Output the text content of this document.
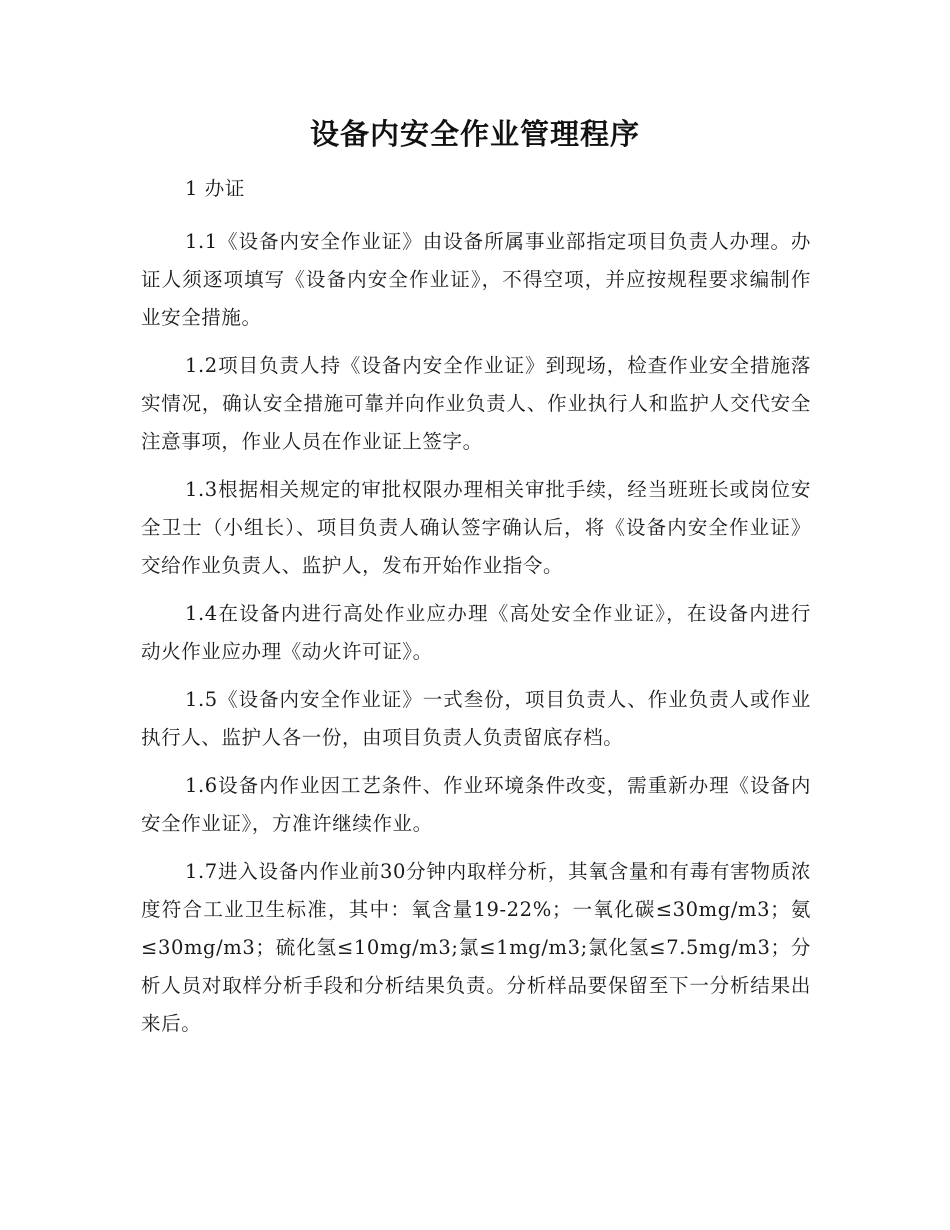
设备内安全作业管理程序

1 办证

1.1《设备内安全作业证》由设备所属事业部指定项目负责人办理。办证人须逐项填写《设备内安全作业证》，不得空项，并应按规程要求编制作业安全措施。

1.2项目负责人持《设备内安全作业证》到现场，检查作业安全措施落实情况，确认安全措施可靠并向作业负责人、作业执行人和监护人交代安全注意事项，作业人员在作业证上签字。

1.3根据相关规定的审批权限办理相关审批手续，经当班班长或岗位安全卫士（小组长）、项目负责人确认签字确认后，将《设备内安全作业证》交给作业负责人、监护人，发布开始作业指令。

1.4在设备内进行高处作业应办理《高处安全作业证》，在设备内进行动火作业应办理《动火许可证》。

1.5《设备内安全作业证》一式叁份，项目负责人、作业负责人或作业执行人、监护人各一份，由项目负责人负责留底存档。

1.6设备内作业因工艺条件、作业环境条件改变，需重新办理《设备内安全作业证》，方准许继续作业。

1.7进入设备内作业前30分钟内取样分析，其氧含量和有毒有害物质浓度符合工业卫生标准，其中：氧含量19-22%；一氧化碳≤30mg/m3；氨≤30mg/m3；硫化氢≤10mg/m3;氯≤1mg/m3;氯化氢≤7.5mg/m3；分析人员对取样分析手段和分析结果负责。分析样品要保留至下一分析结果出来后。
